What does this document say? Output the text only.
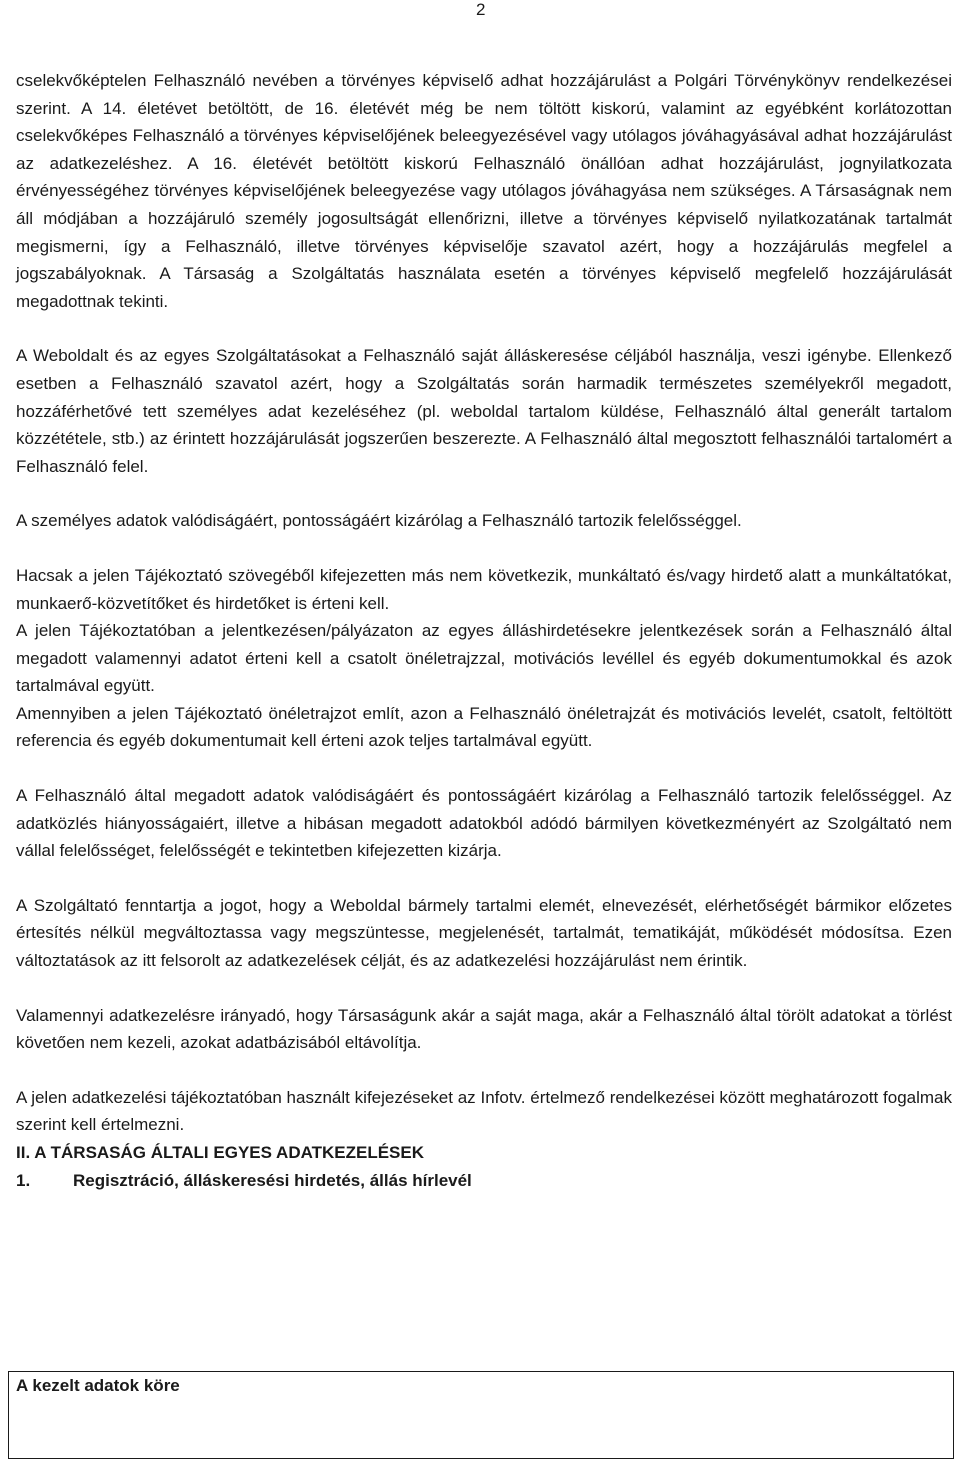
2

cselekvőképtelen Felhasználó nevében a törvényes képviselő adhat hozzájárulást a Polgári Törvénykönyv rendelkezései szerint. A 14. életévet betöltött, de 16. életévét még be nem töltött kiskorú, valamint az egyébként korlátozottan cselekvőképes Felhasználó a törvényes képviselőjének beleegyezésével vagy utólagos jóváhagyásával adhat hozzájárulást az adatkezeléshez. A 16. életévét betöltött kiskorú Felhasználó önállóan adhat hozzájárulást, jognyilatkozata érvényességéhez törvényes képviselőjének beleegyezése vagy utólagos jóváhagyása nem szükséges. A Társaságnak nem áll módjában a hozzájáruló személy jogosultságát ellenőrizni, illetve a törvényes képviselő nyilatkozatának tartalmát megismerni, így a Felhasználó, illetve törvényes képviselője szavatol azért, hogy a hozzájárulás megfelel a jogszabályoknak. A Társaság a Szolgáltatás használata esetén a törvényes képviselő megfelelő hozzájárulását megadottnak tekinti.

A Weboldalt és az egyes Szolgáltatásokat a Felhasználó saját álláskeresése céljából használja, veszi igénybe. Ellenkező esetben a Felhasználó szavatol azért, hogy a Szolgáltatás során harmadik természetes személyekről megadott, hozzáférhetővé tett személyes adat kezeléséhez (pl. weboldal tartalom küldése, Felhasználó által generált tartalom közzététele, stb.) az érintett hozzájárulását jogszerűen beszerezte. A Felhasználó által megosztott felhasználói tartalomért a Felhasználó felel.

A személyes adatok valódiságáért, pontosságáért kizárólag a Felhasználó tartozik felelősséggel.

Hacsak a jelen Tájékoztató szövegéből kifejezetten más nem következik, munkáltató és/vagy hirdető alatt a munkáltatókat, munkaerő-közvetítőket és hirdetőket is érteni kell.

A jelen Tájékoztatóban a jelentkezésen/pályázaton az egyes álláshirdetésekre jelentkezések során a Felhasználó által megadott valamennyi adatot érteni kell a csatolt önéletrajzzal, motivációs levéllel és egyéb dokumentumokkal és azok tartalmával együtt.

Amennyiben a jelen Tájékoztató önéletrajzot említ, azon a Felhasználó önéletrajzát és motivációs levelét, csatolt, feltöltött referencia és egyéb dokumentumait kell érteni azok teljes tartalmával együtt.

A Felhasználó által megadott adatok valódiságáért és pontosságáért kizárólag a Felhasználó tartozik felelősséggel. Az adatközlés hiányosságaiért, illetve a hibásan megadott adatokból adódó bármilyen következményért az Szolgáltató nem vállal felelősséget, felelősségét e tekintetben kifejezetten kizárja.

A Szolgáltató fenntartja a jogot, hogy a Weboldal bármely tartalmi elemét, elnevezését, elérhetőségét bármikor előzetes értesítés nélkül megváltoztassa vagy megszüntesse, megjelenését, tartalmát, tematikáját, működését módosítsa. Ezen változtatások az itt felsorolt az adatkezelések célját, és az adatkezelési hozzájárulást nem érintik.

Valamennyi adatkezelésre irányadó, hogy Társaságunk akár a saját maga, akár a Felhasználó által törölt adatokat a törlést követően nem kezeli, azokat adatbázisából eltávolítja.

A jelen adatkezelési tájékoztatóban használt kifejezéseket az Infotv. értelmező rendelkezései között meghatározott fogalmak szerint kell értelmezni.

II. A TÁRSASÁG ÁLTALI EGYES ADATKEZELÉSEK

1.	Regisztráció, álláskeresési hirdetés, állás hírlevél
A kezelt adatok köre
